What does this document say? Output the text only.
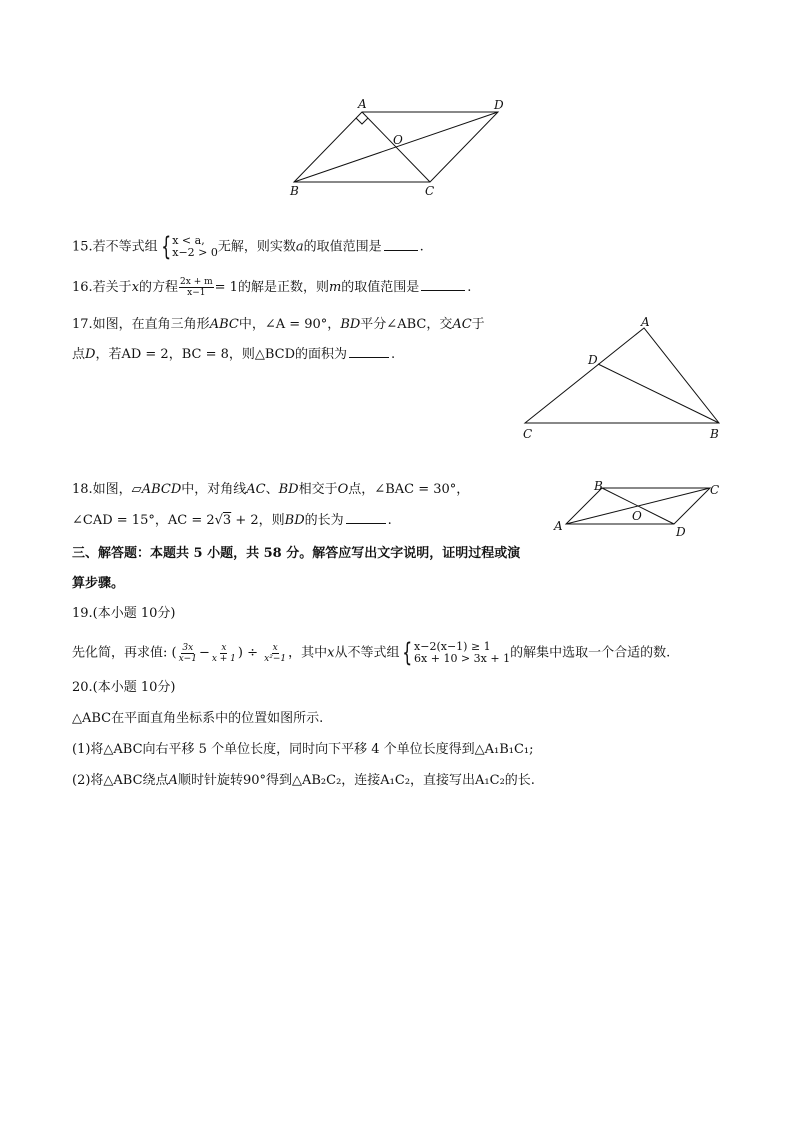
A	D
B	C
O
15.若不等式组 { x < a,
x−2 > 0 无解，则实数a的取值范围是	.
16.若关于x的方程 $\frac{2x + m}{x-1} = 1$的解是正数，则m的取值范围是	.
17.如图，在直角三角形ABC中，∠A = 90°，BD平分∠ABC，交AC于
点D，若AD = 2，BC = 8，则△BCD的面积为	.
A
D
C	B
18.如图，▱ABCD中，对角线AC、BD相交于O点，∠BAC = 30°，
∠CAD = 15°，AC = 2√3 + 2，则BD的长为	.
B	C
A	D
O
三、解答题：本题共 5 小题，共 58 分。解答应写出文字说明，证明过程或演
算步骤。
19.(本小题 10分)
先化简，再求值: ( $\frac{3x}{x-1} - \frac{x}{x + 1}$ ) ÷ $\frac{x}{\text{x²−1}}$ ，其中x从不等式组 { x−2(x−1) ≥ 1
6x + 10 > 3x + 1 的解集中选取一个合适的数.
20.(本小题 10分)
△ABC在平面直角坐标系中的位置如图所示.
(1)将△ABC向右平移 5 个单位长度，同时向下平移 4 个单位长度得到△A₁B₁C₁;
(2)将△ABC绕点A顺时针旋转90°得到△AB₂C₂，连接A₁C₂，直接写出A₁C₂的长.
